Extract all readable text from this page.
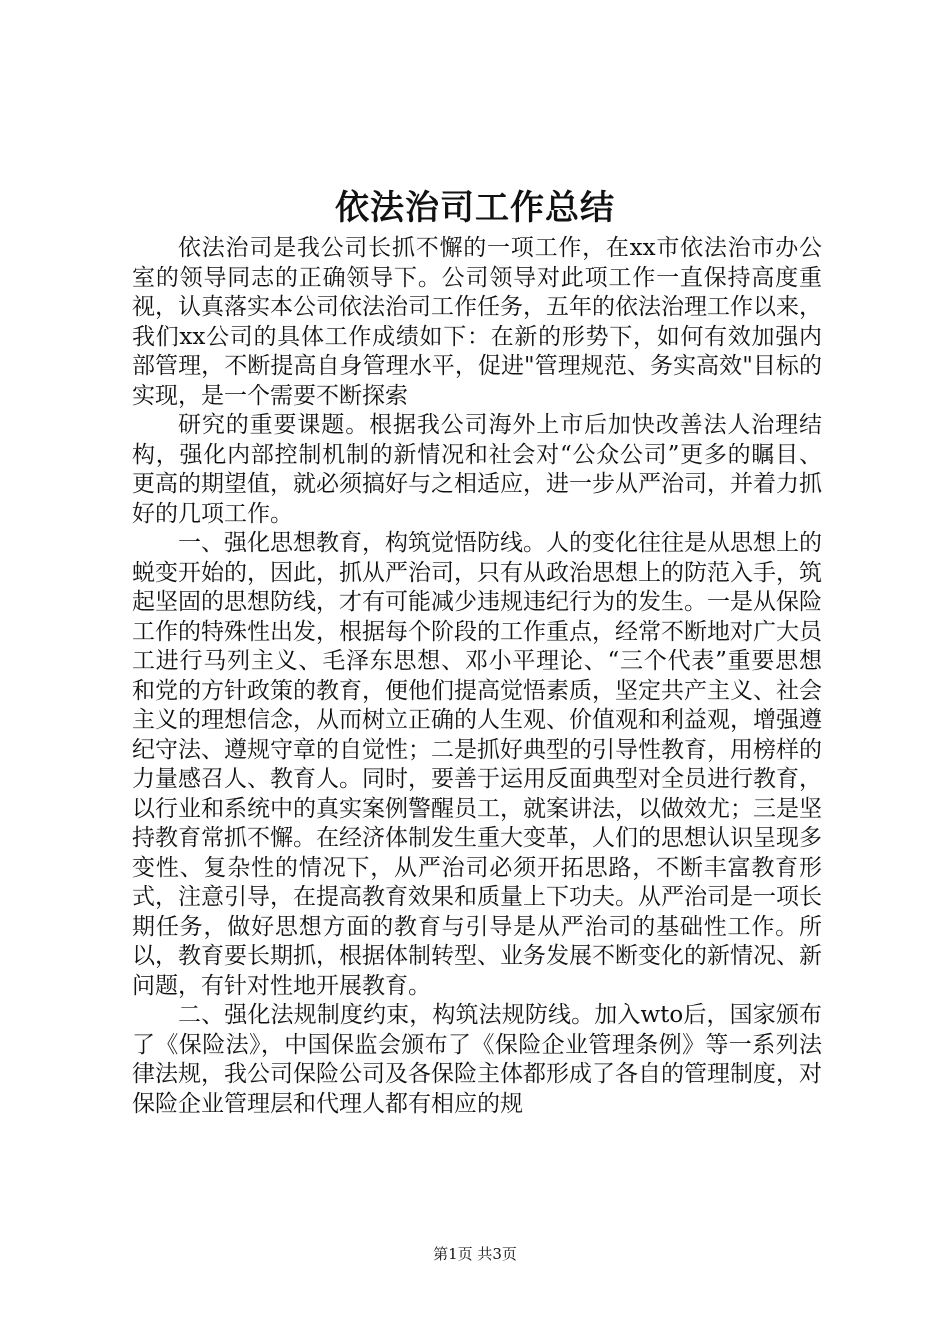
依法治司工作总结

依法治司是我公司长抓不懈的一项工作，在xx市依法治市办公室的领导同志的正确领导下。公司领导对此项工作一直保持高度重视，认真落实本公司依法治司工作任务，五年的依法治理工作以来，我们xx公司的具体工作成绩如下：在新的形势下，如何有效加强内部管理，不断提高自身管理水平，促进"管理规范、务实高效"目标的实现，是一个需要不断探索

研究的重要课题。根据我公司海外上市后加快改善法人治理结构，强化内部控制机制的新情况和社会对“公众公司”更多的瞩目、更高的期望值，就必须搞好与之相适应，进一步从严治司，并着力抓好的几项工作。

一、强化思想教育，构筑觉悟防线。人的变化往往是从思想上的蜕变开始的，因此，抓从严治司，只有从政治思想上的防范入手，筑起坚固的思想防线，才有可能减少违规违纪行为的发生。一是从保险工作的特殊性出发，根据每个阶段的工作重点，经常不断地对广大员工进行马列主义、毛泽东思想、邓小平理论、“三个代表”重要思想和党的方针政策的教育，便他们提高觉悟素质，坚定共产主义、社会主义的理想信念，从而树立正确的人生观、价值观和利益观，增强遵纪守法、遵规守章的自觉性；二是抓好典型的引导性教育，用榜样的力量感召人、教育人。同时，要善于运用反面典型对全员进行教育，以行业和系统中的真实案例警醒员工，就案讲法，以做效尤；三是坚持教育常抓不懈。在经济体制发生重大变革，人们的思想认识呈现多变性、复杂性的情况下，从严治司必须开拓思路，不断丰富教育形式，注意引导，在提高教育效果和质量上下功夫。从严治司是一项长期任务，做好思想方面的教育与引导是从严治司的基础性工作。所以，教育要长期抓，根据体制转型、业务发展不断变化的新情况、新问题，有针对性地开展教育。

二、强化法规制度约束，构筑法规防线。加入wto后，国家颁布了《保险法》，中国保监会颁布了《保险企业管理条例》等一系列法律法规，我公司保险公司及各保险主体都形成了各自的管理制度，对保险企业管理层和代理人都有相应的规

第1页 共3页
